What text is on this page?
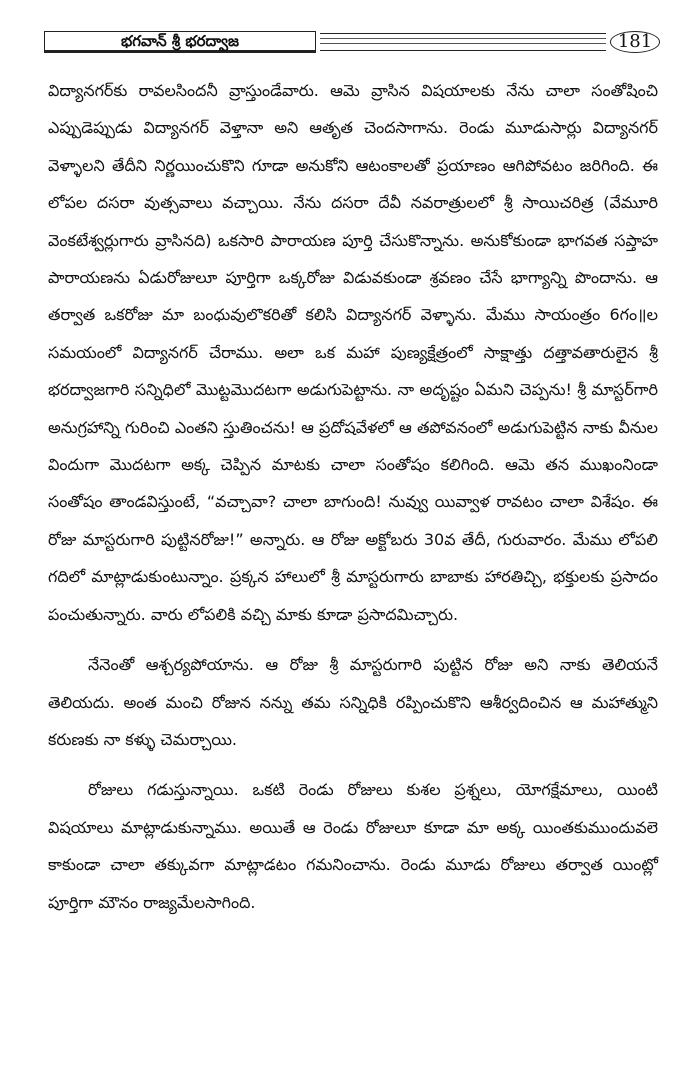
భగవాన్ శ్రీ భరద్వాజ	181

విద్యానగర్‌కు రావలసిందనీ వ్రాస్తుండేవారు. ఆమె వ్రాసిన విషయాలకు నేను చాలా సంతోషించి ఎప్పుడెప్పుడు విద్యానగర్ వెళ్తానా అని ఆతృత చెందసాగాను. రెండు మూడుసార్లు విద్యానగర్ వెళ్ళాలని తేదీని నిర్ణయించుకొని గూడా అనుకోని ఆటంకాలతో ప్రయాణం ఆగిపోవటం జరిగింది. ఈ లోపల దసరా వుత్సవాలు వచ్చాయి. నేను దసరా దేవీ నవరాత్రులలో శ్రీ సాయిచరిత్ర (వేమూరి వెంకటేశ్వర్లుగారు వ్రాసినది) ఒకసారి పారాయణ పూర్తి చేసుకొన్నాను. అనుకోకుండా భాగవత సప్తాహ పారాయణను ఏడురోజులూ పూర్తిగా ఒక్కరోజు విడువకుండా శ్రవణం చేసే భాగ్యాన్ని పొందాను. ఆ తర్వాత ఒకరోజు మా బంధువులొకరితో కలిసి విద్యానగర్ వెళ్ళాను. మేము సాయంత్రం 6గం॥ల సమయంలో విద్యానగర్ చేరాము. అలా ఒక మహా పుణ్యక్షేత్రంలో సాక్షాత్తు దత్తావతారులైన శ్రీ భరద్వాజగారి సన్నిధిలో మొట్టమొదటగా అడుగుపెట్టాను. నా అదృష్టం ఏమని చెప్పను! శ్రీ మాస్టర్‌గారి అనుగ్రహాన్ని గురించి ఎంతని స్తుతించను! ఆ ప్రదోషవేళలో ఆ తపోవనంలో అడుగుపెట్టిన నాకు వీనుల విందుగా మొదటగా అక్క చెప్పిన మాటకు చాలా సంతోషం కలిగింది. ఆమె తన ముఖంనిండా సంతోషం తాండవిస్తుంటే, “వచ్చావా? చాలా బాగుంది! నువ్వు యివ్వాళ రావటం చాలా విశేషం. ఈ రోజు మాస్టరుగారి పుట్టినరోజు!” అన్నారు. ఆ రోజు అక్టోబరు 30వ తేదీ, గురువారం. మేము లోపలి గదిలో మాట్లాడుకుంటున్నాం. ప్రక్కన హాలులో శ్రీ మాస్టరుగారు బాబాకు హారతిచ్చి, భక్తులకు ప్రసాదం పంచుతున్నారు. వారు లోపలికి వచ్చి మాకు కూడా ప్రసాదమిచ్చారు.

నేనెంతో ఆశ్చర్యపోయాను. ఆ రోజు శ్రీ మాస్టరుగారి పుట్టిన రోజు అని నాకు తెలియనే తెలియదు. అంత మంచి రోజున నన్ను తమ సన్నిధికి రప్పించుకొని ఆశీర్వదించిన ఆ మహాత్ముని కరుణకు నా కళ్ళు చెమర్చాయి.

రోజులు గడుస్తున్నాయి. ఒకటి రెండు రోజులు కుశల ప్రశ్నలు, యోగక్షేమాలు, యింటి విషయాలు మాట్లాడుకున్నాము. అయితే ఆ రెండు రోజులూ కూడా మా అక్క యింతకుముందువలె కాకుండా చాలా తక్కువగా మాట్లాడటం గమనించాను. రెండు మూడు రోజులు తర్వాత యింట్లో పూర్తిగా మౌనం రాజ్యమేలసాగింది.
